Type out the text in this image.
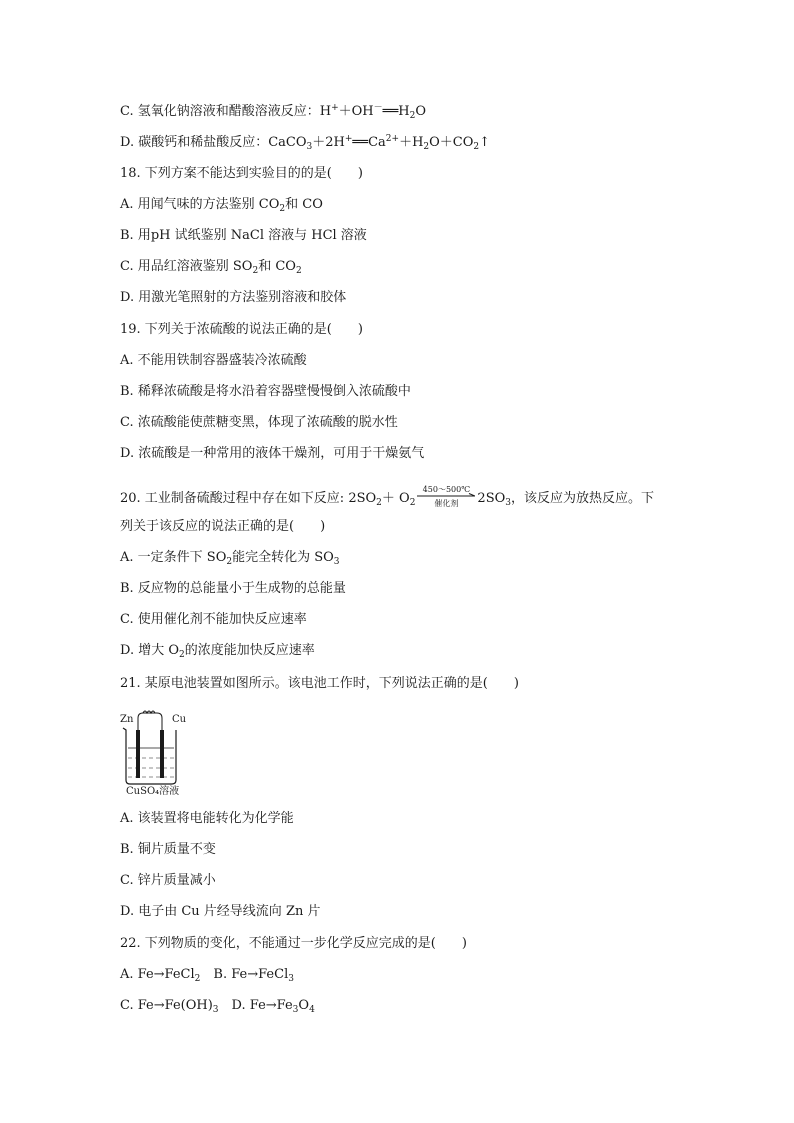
C. 氢氧化钠溶液和醋酸溶液反应：$H^++OH^-══H_2O$
D. 碳酸钙和稀盐酸反应：$CaCO_3+2H^+══Ca^{2+}+H_2O+CO_2↑$
18. 下列方案不能达到实验目的的是(　　)
A. 用闻气味的方法鉴别 $CO_2$和 CO
B. 用pH 试纸鉴别 NaCl 溶液与 HCl 溶液
C. 用品红溶液鉴别 $SO_2$和 $CO_2$
D. 用激光笔照射的方法鉴别溶液和胶体
19. 下列关于浓硫酸的说法正确的是(　　)
A. 不能用铁制容器盛装冷浓硫酸
B. 稀释浓硫酸是将水沿着容器壁慢慢倒入浓硫酸中
C. 浓硫酸能使蔗糖变黑，体现了浓硫酸的脱水性
D. 浓硫酸是一种常用的液体干燥剂，可用于干燥氨气
20. 工业制备硫酸过程中存在如下反应: $2SO_2+ O_2$
450～500℃
催化剂	$2SO_3$，该反应为放热反应。下
列关于该反应的说法正确的是(　　)
A. 一定条件下 $SO_2$能完全转化为 $SO_3$
B. 反应物的总能量小于生成物的总能量
C. 使用催化剂不能加快反应速率
D. 增大 $O_2$的浓度能加快反应速率
21. 某原电池装置如图所示。该电池工作时，下列说法正确的是(　　)
Zn	Cu
CuSO₄溶液
A. 该装置将电能转化为化学能
B. 铜片质量不变
C. 锌片质量减小
D. 电子由 Cu 片经导线流向 Zn 片
22. 下列物质的变化，不能通过一步化学反应完成的是(　　)
A. Fe→FeCl$_2$　 B. Fe→FeCl$_3$
C. $Fe\to Fe(OH)_3$　 D. $Fe\to Fe_3O_4$
